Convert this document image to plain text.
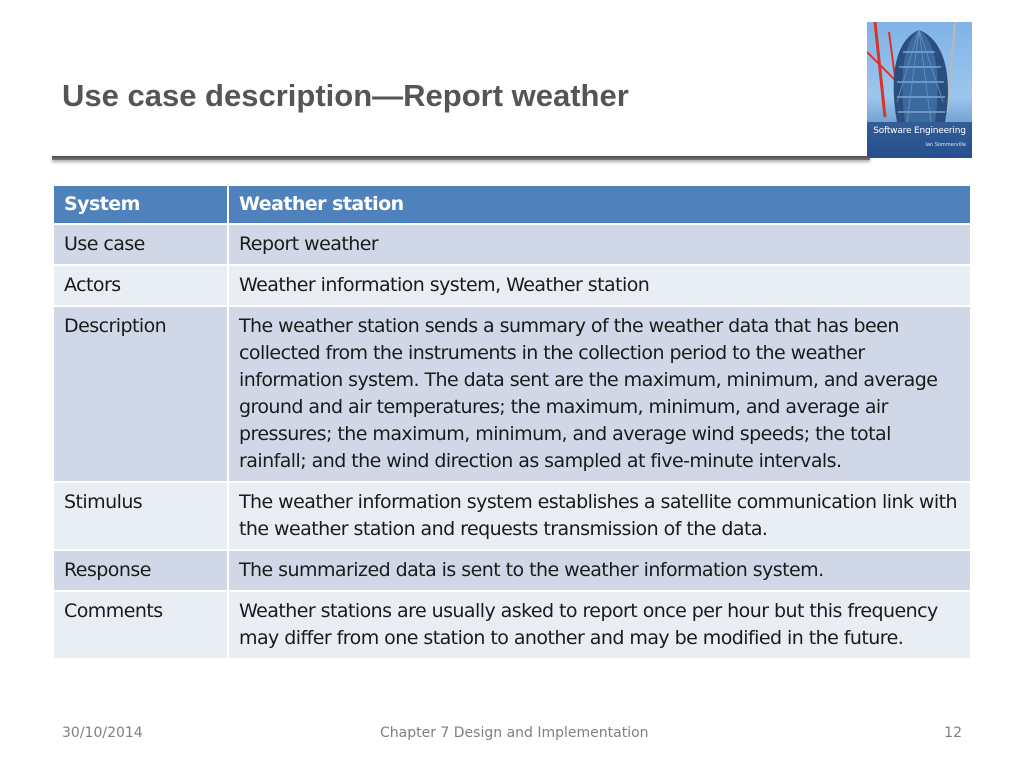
Use case description—Report weather
Software Engineering
Ian Sommerville
System	Weather station
Use case	Report weather
Actors	Weather information system, Weather station
Description	The weather station sends a summary of the weather data that has been collected from the instruments in the collection period to the weather information system. The data sent are the maximum, minimum, and average ground and air temperatures; the maximum, minimum, and average air pressures; the maximum, minimum, and average wind speeds; the total rainfall; and the wind direction as sampled at five-minute intervals.
Stimulus	The weather information system establishes a satellite communication link with the weather station and requests transmission of the data.
Response	The summarized data is sent to the weather information system.
Comments	Weather stations are usually asked to report once per hour but this frequency may differ from one station to another and may be modified in the future.
30/10/2014	Chapter 7 Design and Implementation	12
